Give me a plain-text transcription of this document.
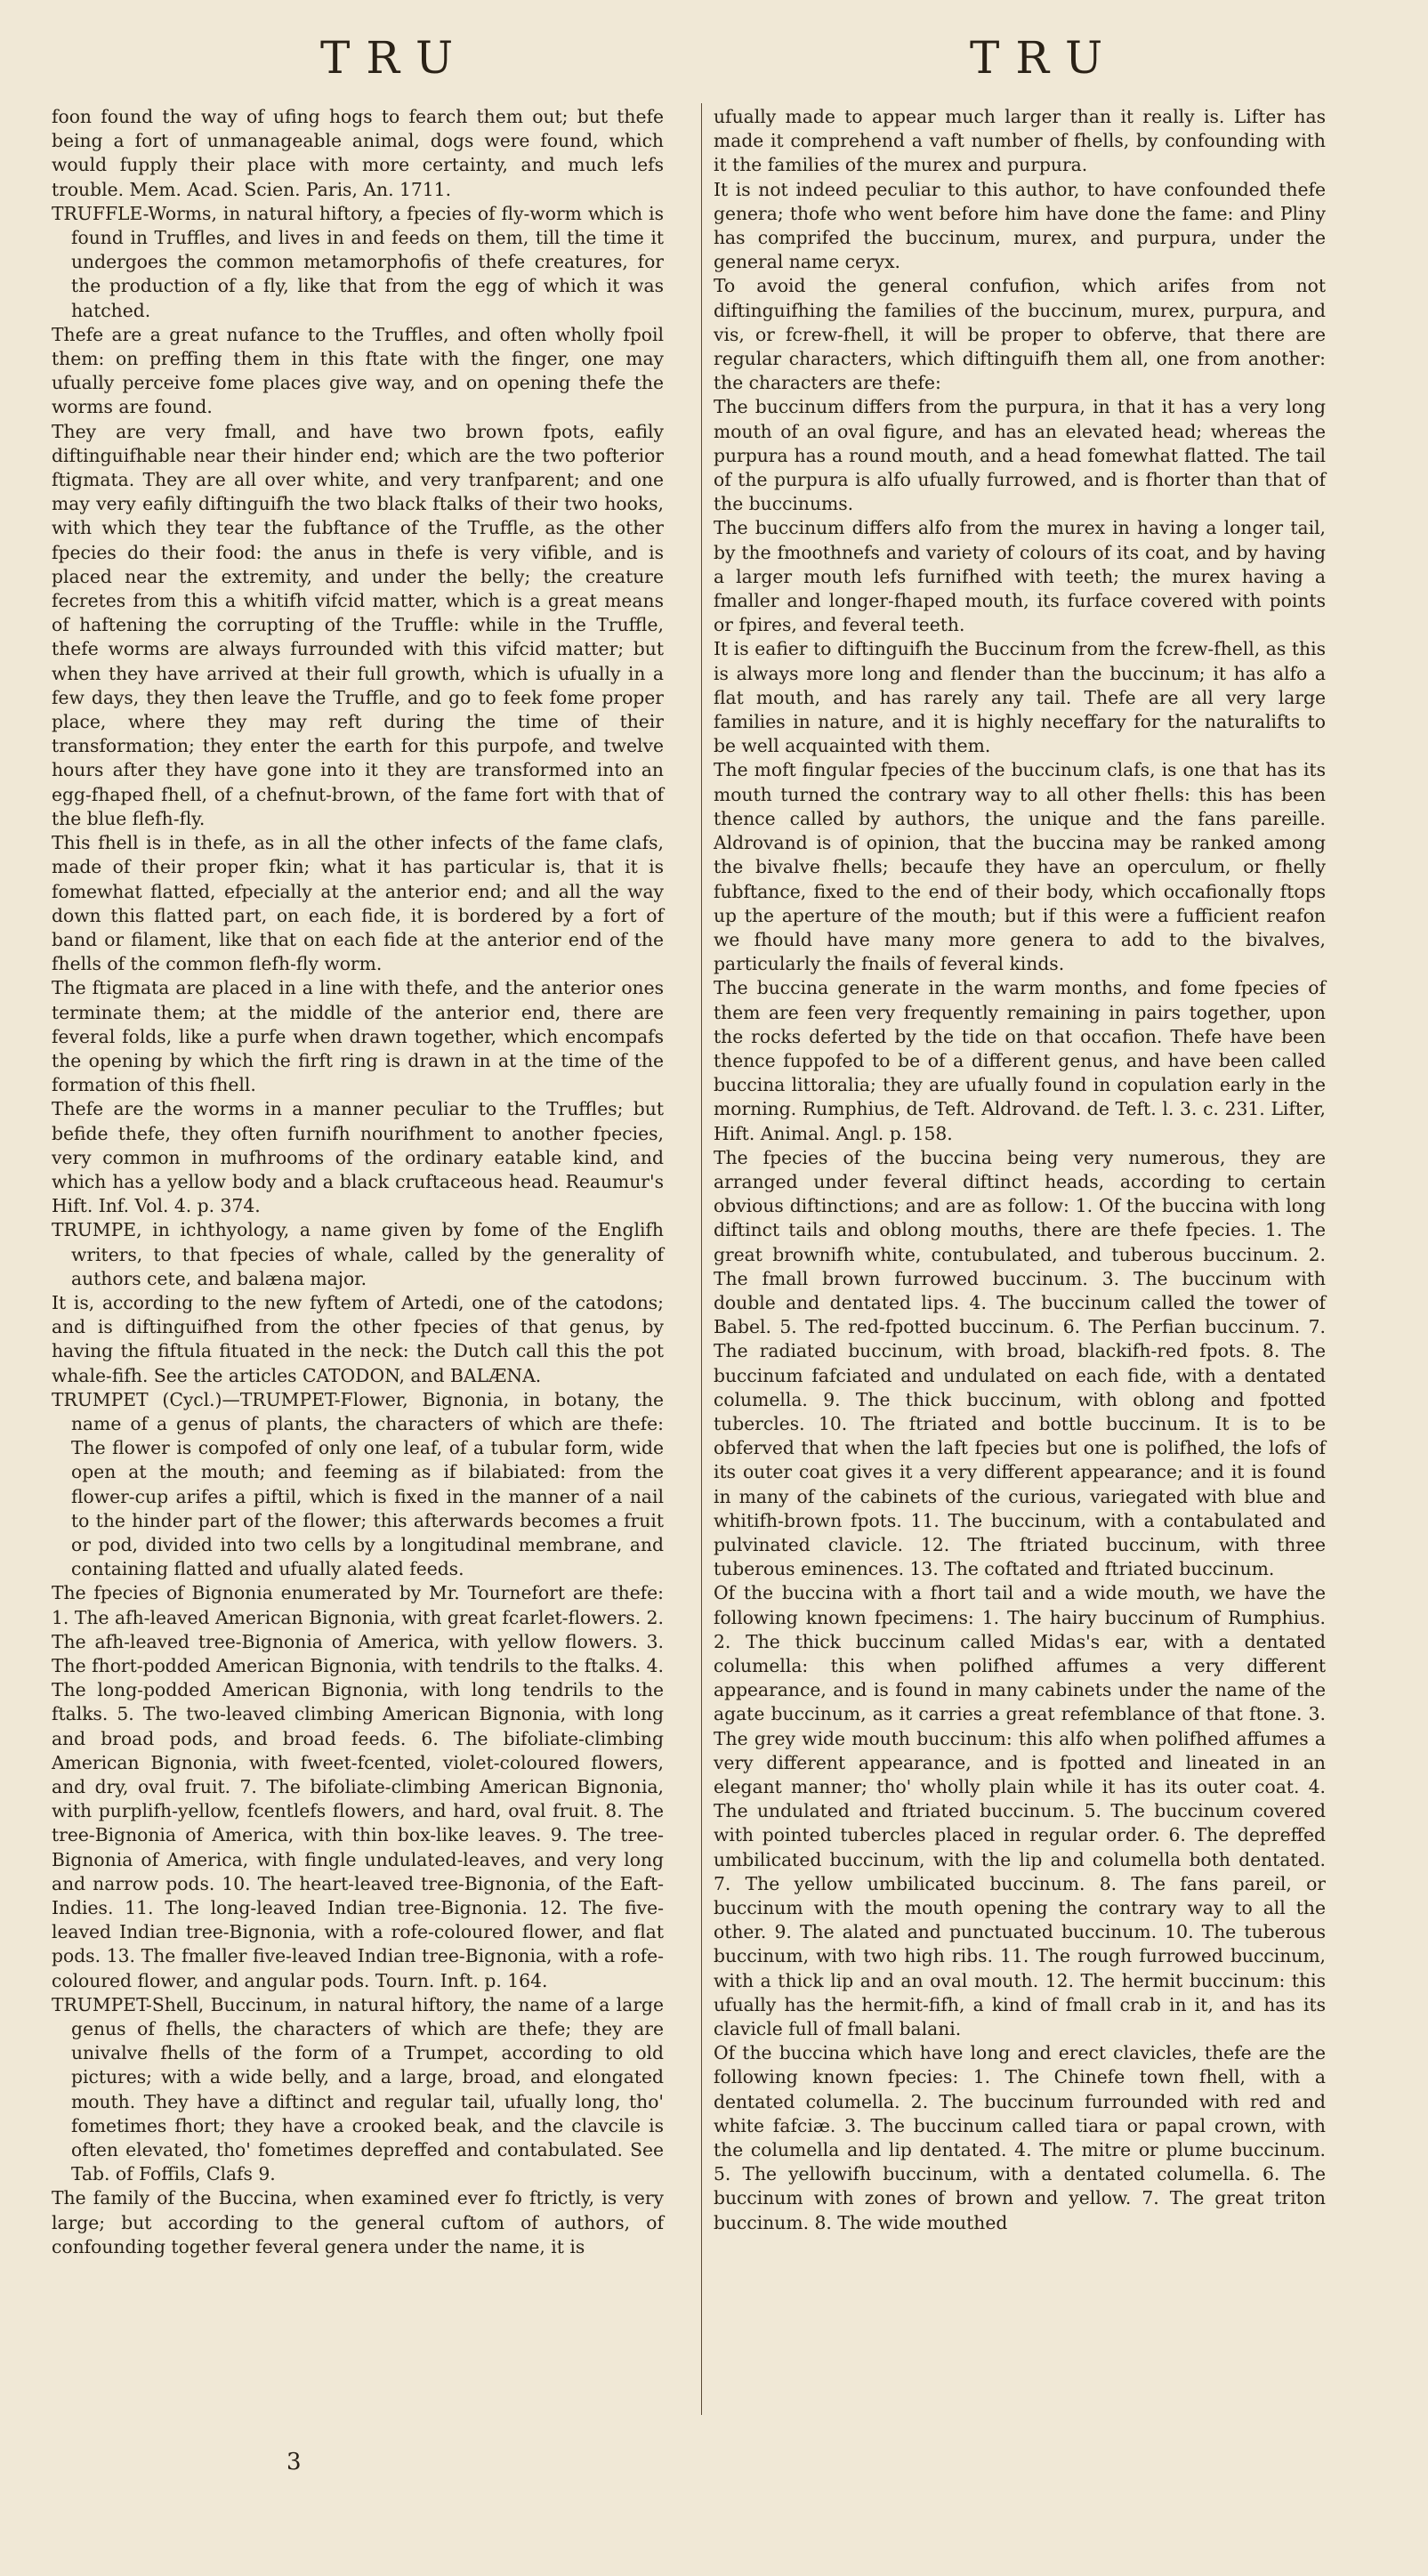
TRU	TRU

foon found the way of ufing hogs to fearch them out; but thefe being a fort of unmanageable animal, dogs were found, which would fupply their place with more certainty, and much lefs trouble. Mem. Acad. Scien. Paris, An. 1711.

TRUFFLE-Worms, in natural hiftory, a fpecies of fly-worm which is found in Truffles, and lives in and feeds on them, till the time it undergoes the common metamorphofis of thefe creatures, for the production of a fly, like that from the egg of which it was hatched.

Thefe are a great nufance to the Truffles, and often wholly fpoil them: on preffing them in this ftate with the finger, one may ufually perceive fome places give way, and on opening thefe the worms are found.

They are very fmall, and have two brown fpots, eafily diftinguifhable near their hinder end; which are the two pofterior ftigmata. They are all over white, and very tranfparent; and one may very eafily diftinguifh the two black ftalks of their two hooks, with which they tear the fubftance of the Truffle, as the other fpecies do their food: the anus in thefe is very vifible, and is placed near the extremity, and under the belly; the creature fecretes from this a whitifh vifcid matter, which is a great means of haftening the corrupting of the Truffle: while in the Truffle, thefe worms are always furrounded with this vifcid matter; but when they have arrived at their full growth, which is ufually in a few days, they then leave the Truffle, and go to feek fome proper place, where they may reft during the time of their transformation; they enter the earth for this purpofe, and twelve hours after they have gone into it they are transformed into an egg-fhaped fhell, of a chefnut-brown, of the fame fort with that of the blue flefh-fly.

This fhell is in thefe, as in all the other infects of the fame clafs, made of their proper fkin; what it has particular is, that it is fomewhat flatted, efpecially at the anterior end; and all the way down this flatted part, on each fide, it is bordered by a fort of band or filament, like that on each fide at the anterior end of the fhells of the common flefh-fly worm.

The ftigmata are placed in a line with thefe, and the anterior ones terminate them; at the middle of the anterior end, there are feveral folds, like a purfe when drawn together, which encompafs the opening by which the firft ring is drawn in at the time of the formation of this fhell.

Thefe are the worms in a manner peculiar to the Truffles; but befide thefe, they often furnifh nourifhment to another fpecies, very common in mufhrooms of the ordinary eatable kind, and which has a yellow body and a black cruftaceous head. Reaumur's Hift. Inf. Vol. 4. p. 374.

TRUMPE, in ichthyology, a name given by fome of the Englifh writers, to that fpecies of whale, called by the generality of authors cete, and balæna major.

It is, according to the new fyftem of Artedi, one of the catodons; and is diftinguifhed from the other fpecies of that genus, by having the fiftula fituated in the neck: the Dutch call this the pot whale-fifh. See the articles CATODON, and BALÆNA.

TRUMPET (Cycl.)—TRUMPET-Flower, Bignonia, in botany, the name of a genus of plants, the characters of which are thefe: The flower is compofed of only one leaf, of a tubular form, wide open at the mouth; and feeming as if bilabiated: from the flower-cup arifes a piftil, which is fixed in the manner of a nail to the hinder part of the flower; this afterwards becomes a fruit or pod, divided into two cells by a longitudinal membrane, and containing flatted and ufually alated feeds.

The fpecies of Bignonia enumerated by Mr. Tournefort are thefe: 1. The afh-leaved American Bignonia, with great fcarlet-flowers. 2. The afh-leaved tree-Bignonia of America, with yellow flowers. 3. The fhort-podded American Bignonia, with tendrils to the ftalks. 4. The long-podded American Bignonia, with long tendrils to the ftalks. 5. The two-leaved climbing American Bignonia, with long and broad pods, and broad feeds. 6. The bifoliate-climbing American Bignonia, with fweet-fcented, violet-coloured flowers, and dry, oval fruit. 7. The bifoliate-climbing American Bignonia, with purplifh-yellow, fcentlefs flowers, and hard, oval fruit. 8. The tree-Bignonia of America, with thin box-like leaves. 9. The tree-Bignonia of America, with fingle undulated-leaves, and very long and narrow pods. 10. The heart-leaved tree-Bignonia, of the Eaft-Indies. 11. The long-leaved Indian tree-Bignonia. 12. The five-leaved Indian tree-Bignonia, with a rofe-coloured flower, and flat pods. 13. The fmaller five-leaved Indian tree-Bignonia, with a rofe-coloured flower, and angular pods. Tourn. Inft. p. 164.

TRUMPET-Shell, Buccinum, in natural hiftory, the name of a large genus of fhells, the characters of which are thefe; they are univalve fhells of the form of a Trumpet, according to old pictures; with a wide belly, and a large, broad, and elongated mouth. They have a diftinct and regular tail, ufually long, tho' fometimes fhort; they have a crooked beak, and the clavcile is often elevated, tho' fometimes depreffed and contabulated. See Tab. of Foffils, Clafs 9.

The family of the Buccina, when examined ever fo ftrictly, is very large; but according to the general cuftom of authors, of confounding together feveral genera under the name, it is

ufually made to appear much larger than it really is. Lifter has made it comprehend a vaft number of fhells, by confounding with it the families of the murex and purpura.

It is not indeed peculiar to this author, to have confounded thefe genera; thofe who went before him have done the fame: and Pliny has comprifed the buccinum, murex, and purpura, under the general name ceryx.

To avoid the general confufion, which arifes from not diftinguifhing the families of the buccinum, murex, purpura, and vis, or fcrew-fhell, it will be proper to obferve, that there are regular characters, which diftinguifh them all, one from another: the characters are thefe:

The buccinum differs from the purpura, in that it has a very long mouth of an oval figure, and has an elevated head; whereas the purpura has a round mouth, and a head fomewhat flatted. The tail of the purpura is alfo ufually furrowed, and is fhorter than that of the buccinums.

The buccinum differs alfo from the murex in having a longer tail, by the fmoothnefs and variety of colours of its coat, and by having a larger mouth lefs furnifhed with teeth; the murex having a fmaller and longer-fhaped mouth, its furface covered with points or fpires, and feveral teeth.

It is eafier to diftinguifh the Buccinum from the fcrew-fhell, as this is always more long and flender than the buccinum; it has alfo a flat mouth, and has rarely any tail. Thefe are all very large families in nature, and it is highly neceffary for the naturalifts to be well acquainted with them.

The moft fingular fpecies of the buccinum clafs, is one that has its mouth turned the contrary way to all other fhells: this has been thence called by authors, the unique and the fans pareille. Aldrovand is of opinion, that the buccina may be ranked among the bivalve fhells; becaufe they have an operculum, or fhelly fubftance, fixed to the end of their body, which occafionally ftops up the aperture of the mouth; but if this were a fufficient reafon we fhould have many more genera to add to the bivalves, particularly the fnails of feveral kinds.

The buccina generate in the warm months, and fome fpecies of them are feen very frequently remaining in pairs together, upon the rocks deferted by the tide on that occafion. Thefe have been thence fuppofed to be of a different genus, and have been called buccina littoralia; they are ufually found in copulation early in the morning. Rumphius, de Teft. Aldrovand. de Teft. l. 3. c. 231. Lifter, Hift. Animal. Angl. p. 158.

The fpecies of the buccina being very numerous, they are arranged under feveral diftinct heads, according to certain obvious diftinctions; and are as follow: 1. Of the buccina with long diftinct tails and oblong mouths, there are thefe fpecies. 1. The great brownifh white, contubulated, and tuberous buccinum. 2. The fmall brown furrowed buccinum. 3. The buccinum with double and dentated lips. 4. The buccinum called the tower of Babel. 5. The red-fpotted buccinum. 6. The Perfian buccinum. 7. The radiated buccinum, with broad, blackifh-red fpots. 8. The buccinum fafciated and undulated on each fide, with a dentated columella. 9. The thick buccinum, with oblong and fpotted tubercles. 10. The ftriated and bottle buccinum. It is to be obferved that when the laft fpecies but one is polifhed, the lofs of its outer coat gives it a very different appearance; and it is found in many of the cabinets of the curious, variegated with blue and whitifh-brown fpots. 11. The buccinum, with a contabulated and pulvinated clavicle. 12. The ftriated buccinum, with three tuberous eminences. 13. The coftated and ftriated buccinum.

Of the buccina with a fhort tail and a wide mouth, we have the following known fpecimens: 1. The hairy buccinum of Rumphius. 2. The thick buccinum called Midas's ear, with a dentated columella: this when polifhed affumes a very different appearance, and is found in many cabinets under the name of the agate buccinum, as it carries a great refemblance of that ftone. 3. The grey wide mouth buccinum: this alfo when polifhed affumes a very different appearance, and is fpotted and lineated in an elegant manner; tho' wholly plain while it has its outer coat. 4. The undulated and ftriated buccinum. 5. The buccinum covered with pointed tubercles placed in regular order. 6. The depreffed umbilicated buccinum, with the lip and columella both dentated. 7. The yellow umbilicated buccinum. 8. The fans pareil, or buccinum with the mouth opening the contrary way to all the other. 9. The alated and punctuated buccinum. 10. The tuberous buccinum, with two high ribs. 11. The rough furrowed buccinum, with a thick lip and an oval mouth. 12. The hermit buccinum: this ufually has the hermit-fifh, a kind of fmall crab in it, and has its clavicle full of fmall balani.

Of the buccina which have long and erect clavicles, thefe are the following known fpecies: 1. The Chinefe town fhell, with a dentated columella. 2. The buccinum furrounded with red and white fafciæ. 3. The buccinum called tiara or papal crown, with the columella and lip dentated. 4. The mitre or plume buccinum. 5. The yellowifh buccinum, with a dentated columella. 6. The buccinum with zones of brown and yellow. 7. The great triton buccinum. 8. The wide mouthed

3
